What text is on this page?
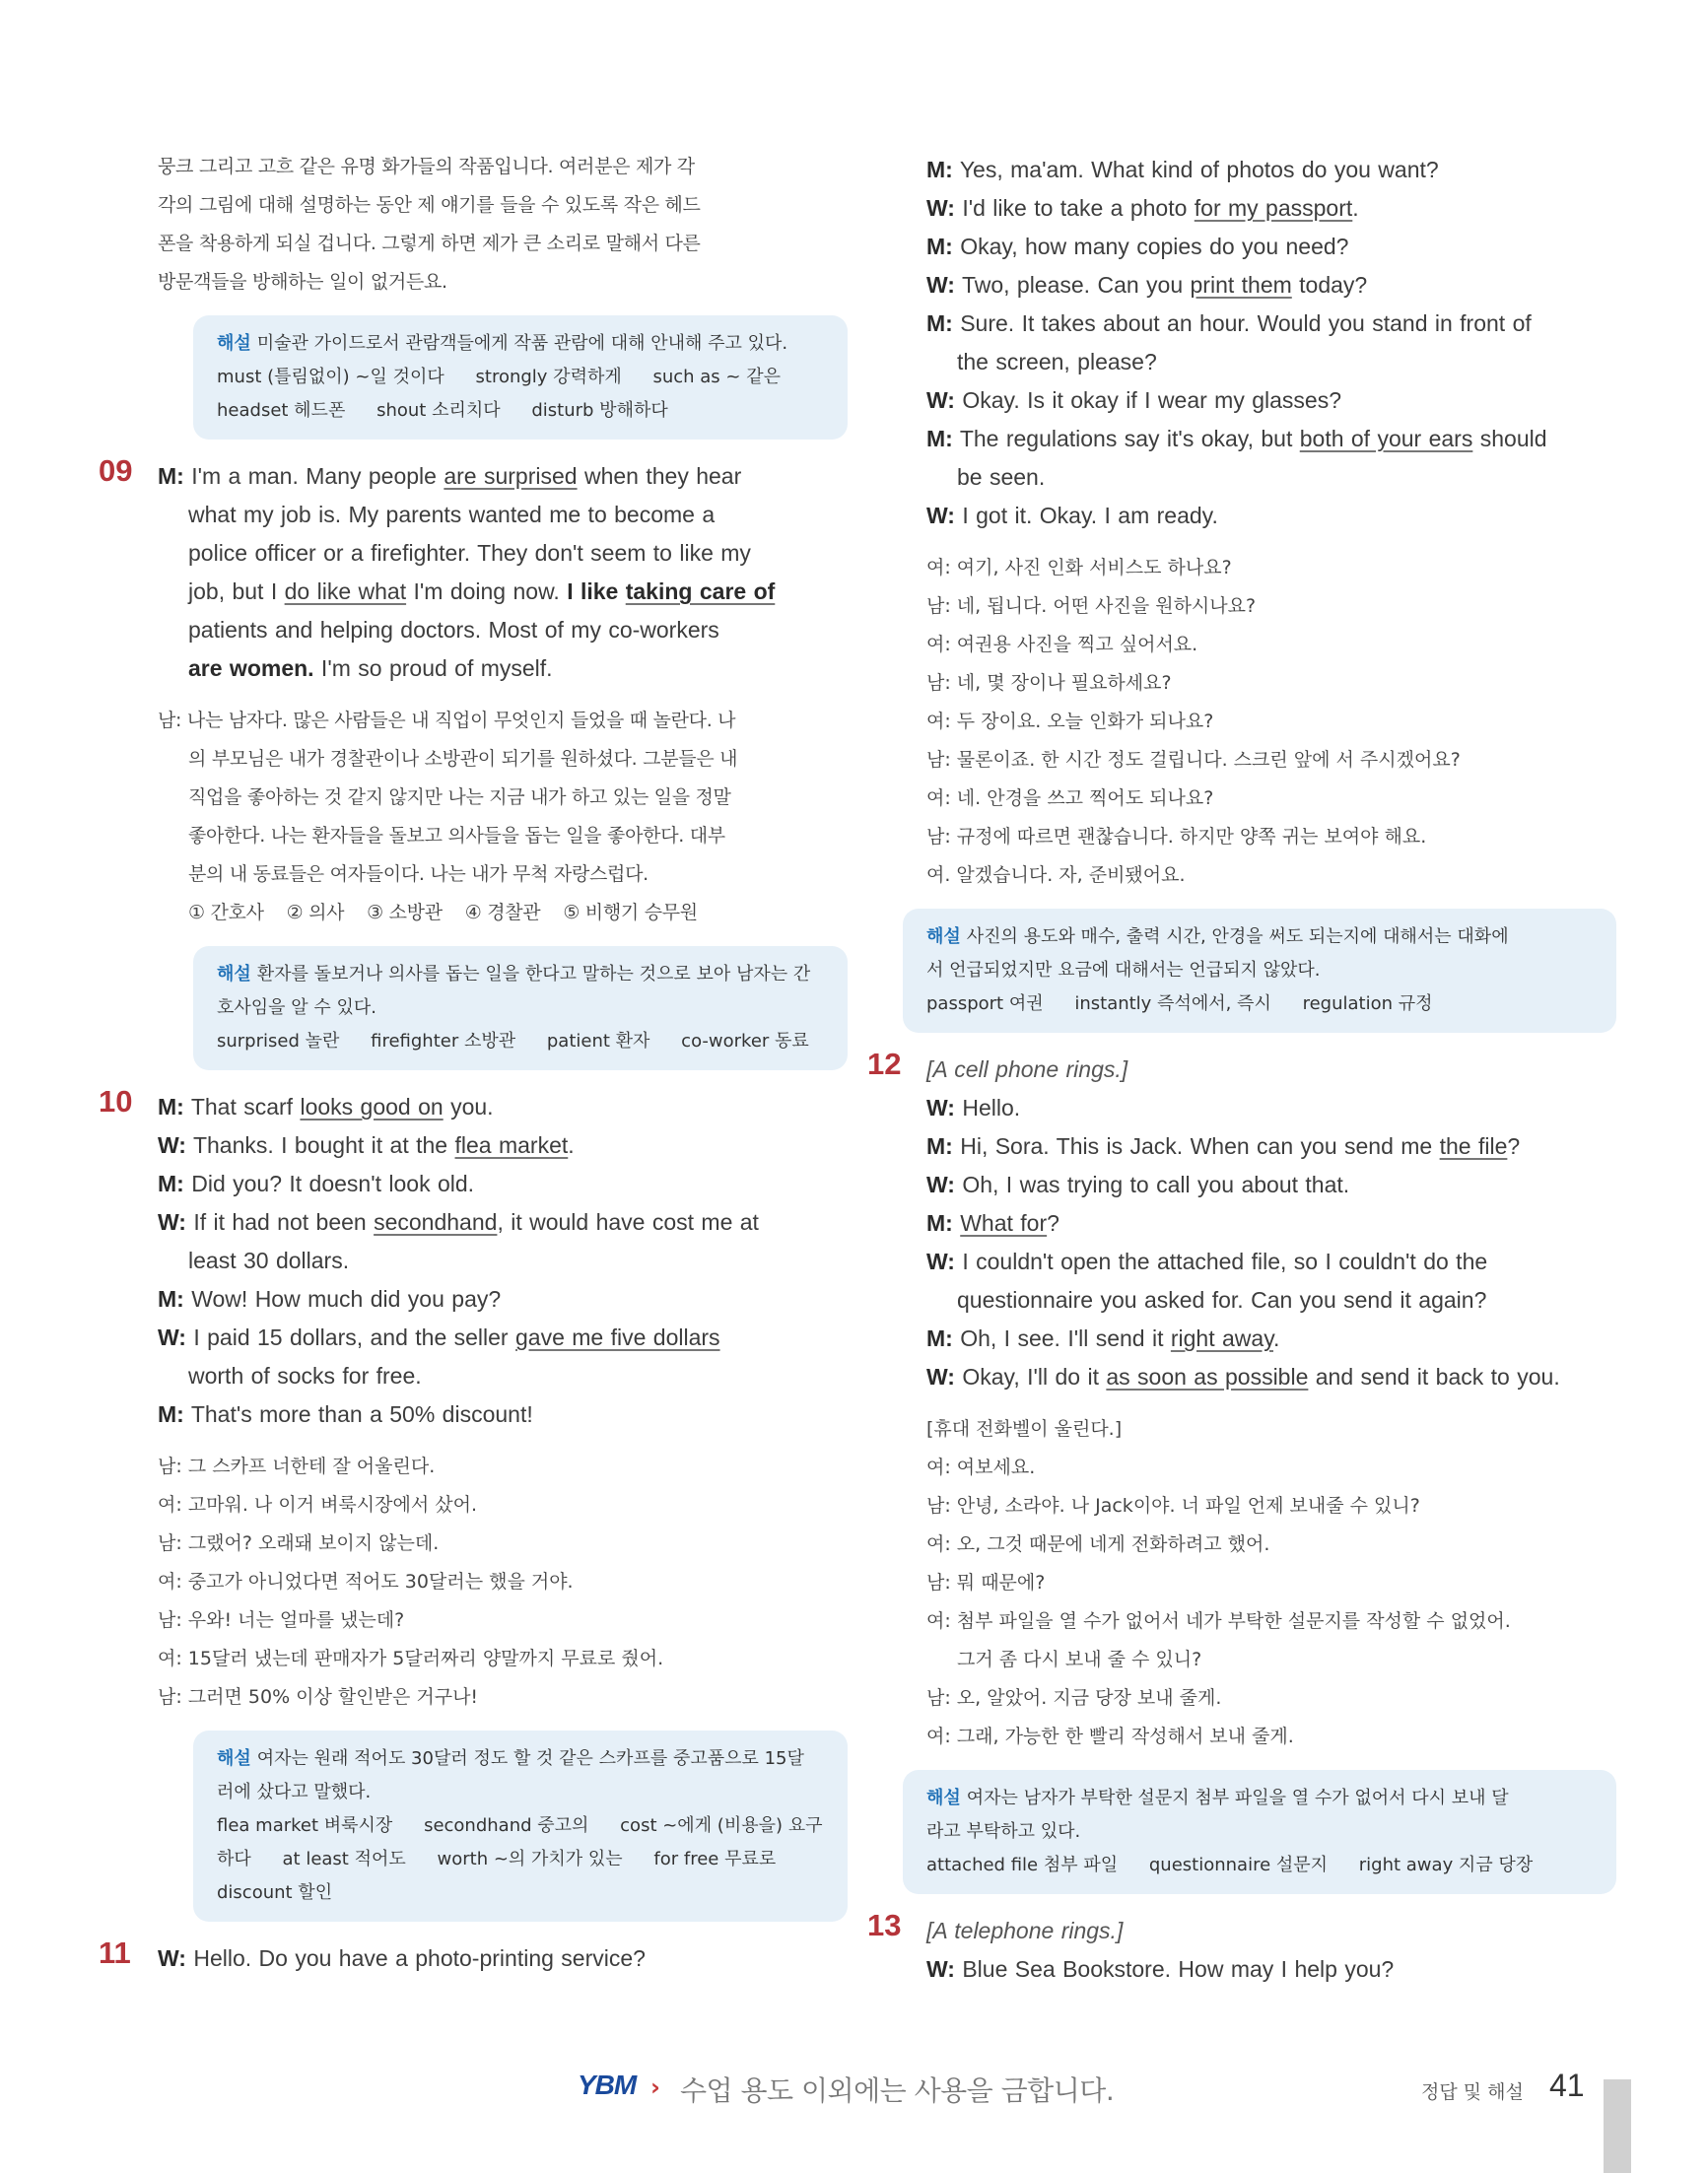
뭉크 그리고 고흐 같은 유명 화가들의 작품입니다. 여러분은 제가 각
각의 그림에 대해 설명하는 동안 제 얘기를 들을 수 있도록 작은 헤드
폰을 착용하게 되실 겁니다. 그렇게 하면 제가 큰 소리로 말해서 다른
방문객들을 방해하는 일이 없거든요.
해설 미술관 가이드로서 관람객들에게 작품 관람에 대해 안내해 주고 있다.
must (틀림없이) ~일 것이다 strongly 강력하게 such as ~ 같은
headset 헤드폰 shout 소리치다 disturb 방해하다
09 M: I'm a man. Many people are surprised when they hear
what my job is. My parents wanted me to become a
police officer or a firefighter. They don't seem to like my
job, but I do like what I'm doing now. I like taking care of
patients and helping doctors. Most of my co-workers
are women. I'm so proud of myself.
남: 나는 남자다. 많은 사람들은 내 직업이 무엇인지 들었을 때 놀란다. 나
의 부모님은 내가 경찰관이나 소방관이 되기를 원하셨다. 그분들은 내
직업을 좋아하는 것 같지 않지만 나는 지금 내가 하고 있는 일을 정말
좋아한다. 나는 환자들을 돌보고 의사들을 돕는 일을 좋아한다. 대부
분의 내 동료들은 여자들이다. 나는 내가 무척 자랑스럽다.
① 간호사    ② 의사    ③ 소방관    ④ 경찰관    ⑤ 비행기 승무원
해설 환자를 돌보거나 의사를 돕는 일을 한다고 말하는 것으로 보아 남자는 간
호사임을 알 수 있다.
surprised 놀란 firefighter 소방관 patient 환자 co-worker 동료
10 M: That scarf looks good on you.
W: Thanks. I bought it at the flea market.
M: Did you? It doesn't look old.
W: If it had not been secondhand, it would have cost me at
least 30 dollars.
M: Wow! How much did you pay?
W: I paid 15 dollars, and the seller gave me five dollars
worth of socks for free.
M: That's more than a 50% discount!
남: 그 스카프 너한테 잘 어울린다.
여: 고마워. 나 이거 벼룩시장에서 샀어.
남: 그랬어? 오래돼 보이지 않는데.
여: 중고가 아니었다면 적어도 30달러는 했을 거야.
남: 우와! 너는 얼마를 냈는데?
여: 15달러 냈는데 판매자가 5달러짜리 양말까지 무료로 줬어.
남: 그러면 50% 이상 할인받은 거구나!
해설 여자는 원래 적어도 30달러 정도 할 것 같은 스카프를 중고품으로 15달
러에 샀다고 말했다.
flea market 벼룩시장 secondhand 중고의 cost ~에게 (비용을) 요구
하다 at least 적어도 worth ~의 가치가 있는 for free 무료로
discount 할인
11 W: Hello. Do you have a photo-printing service?
M: Yes, ma'am. What kind of photos do you want?
W: I'd like to take a photo for my passport.
M: Okay, how many copies do you need?
W: Two, please. Can you print them today?
M: Sure. It takes about an hour. Would you stand in front of
the screen, please?
W: Okay. Is it okay if I wear my glasses?
M: The regulations say it's okay, but both of your ears should
be seen.
W: I got it. Okay. I am ready.
여: 여기, 사진 인화 서비스도 하나요?
남: 네, 됩니다. 어떤 사진을 원하시나요?
여: 여권용 사진을 찍고 싶어서요.
남: 네, 몇 장이나 필요하세요?
여: 두 장이요. 오늘 인화가 되나요?
남: 물론이죠. 한 시간 정도 걸립니다. 스크린 앞에 서 주시겠어요?
여: 네. 안경을 쓰고 찍어도 되나요?
남: 규정에 따르면 괜찮습니다. 하지만 양쪽 귀는 보여야 해요.
여. 알겠습니다. 자, 준비됐어요.
해설 사진의 용도와 매수, 출력 시간, 안경을 써도 되는지에 대해서는 대화에
서 언급되었지만 요금에 대해서는 언급되지 않았다.
passport 여권 instantly 즉석에서, 즉시 regulation 규정
12 [A cell phone rings.]
W: Hello.
M: Hi, Sora. This is Jack. When can you send me the file?
W: Oh, I was trying to call you about that.
M: What for?
W: I couldn't open the attached file, so I couldn't do the
questionnaire you asked for. Can you send it again?
M: Oh, I see. I'll send it right away.
W: Okay, I'll do it as soon as possible and send it back to you.
[휴대 전화벨이 울린다.]
여: 여보세요.
남: 안녕, 소라야. 나 Jack이야. 너 파일 언제 보내줄 수 있니?
여: 오, 그것 때문에 네게 전화하려고 했어.
남: 뭐 때문에?
여: 첨부 파일을 열 수가 없어서 네가 부탁한 설문지를 작성할 수 없었어.
그거 좀 다시 보내 줄 수 있니?
남: 오, 알았어. 지금 당장 보내 줄게.
여: 그래, 가능한 한 빨리 작성해서 보내 줄게.
해설 여자는 남자가 부탁한 설문지 첨부 파일을 열 수가 없어서 다시 보내 달
라고 부탁하고 있다.
attached file 첨부 파일 questionnaire 설문지 right away 지금 당장
13 [A telephone rings.]
W: Blue Sea Bookstore. How may I help you?
YBM › 수업 용도 이외에는 사용을 금합니다.	정답 및 해설 41
